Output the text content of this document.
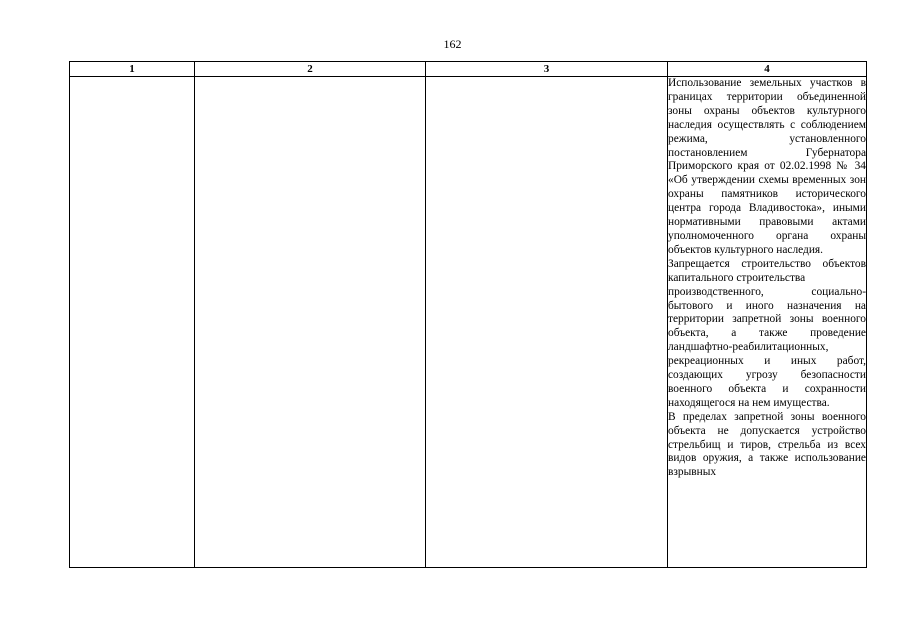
162
1	2	3	4

			Использование земельных участков в границах территории объединенной зоны охраны объектов культурного наследия осуществлять с соблюдением режима, установленного постановлением Губернатора Приморского края от 02.02.1998 № 34 «Об утверждении схемы временных зон охраны памятников исторического центра города Владивостока», иными нормативными правовыми актами уполномоченного органа охраны объектов культурного наследия.
Запрещается строительство объектов капитального строительства
производственного, социально-бытового и иного назначения на территории запретной зоны военного объекта, а также проведение ландшафтно-реабилитационных,
рекреационных и иных работ, создающих угрозу безопасности военного объекта и сохранности находящегося на нем имущества.
В пределах запретной зоны военного объекта не допускается устройство стрельбищ и тиров, стрельба из всех видов оружия, а также использование взрывных
